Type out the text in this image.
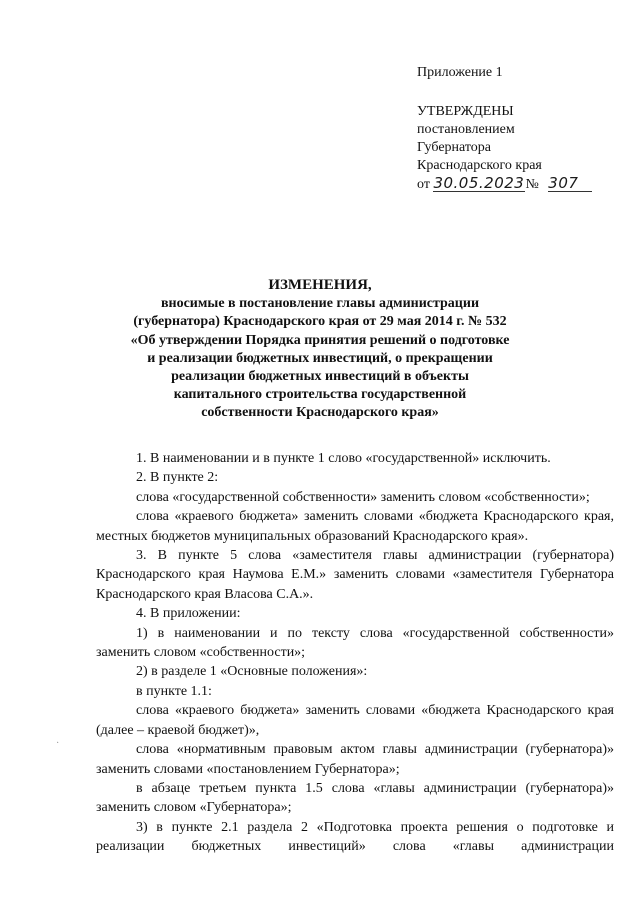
Приложение 1
УТВЕРЖДЕНЫ
постановлением
Губернатора
Краснодарского края
от 30.05.2023№ 307
ИЗМЕНЕНИЯ,
вносимые в постановление главы администрации
(губернатора) Краснодарского края от 29 мая 2014 г. № 532
«Об утверждении Порядка принятия решений о подготовке
и реализации бюджетных инвестиций, о прекращении
реализации бюджетных инвестиций в объекты
капитального строительства государственной
собственности Краснодарского края»

1. В наименовании и в пункте 1 слово «государственной» исключить.

2. В пункте 2:

слова «государственной собственности» заменить словом «собственности»;

слова «краевого бюджета» заменить словами «бюджета Краснодарского края, местных бюджетов муниципальных образований Краснодарского края».

3. В пункте 5 слова «заместителя главы администрации (губернатора) Краснодарского края Наумова Е.М.» заменить словами «заместителя Губернатора Краснодарского края Власова С.А.».

4. В приложении:

1) в наименовании и по тексту слова «государственной собственности» заменить словом «собственности»;

2) в разделе 1 «Основные положения»:

в пункте 1.1:

слова «краевого бюджета» заменить словами «бюджета Краснодарского края (далее – краевой бюджет)»,

слова «нормативным правовым актом главы администрации (губернатора)» заменить словами «постановлением Губернатора»;

в абзаце третьем пункта 1.5 слова «главы администрации (губернатора)» заменить словом «Губернатора»;

3) в пункте 2.1 раздела 2 «Подготовка проекта решения о подготовке и реализации бюджетных инвестиций» слова «главы администрации

·
